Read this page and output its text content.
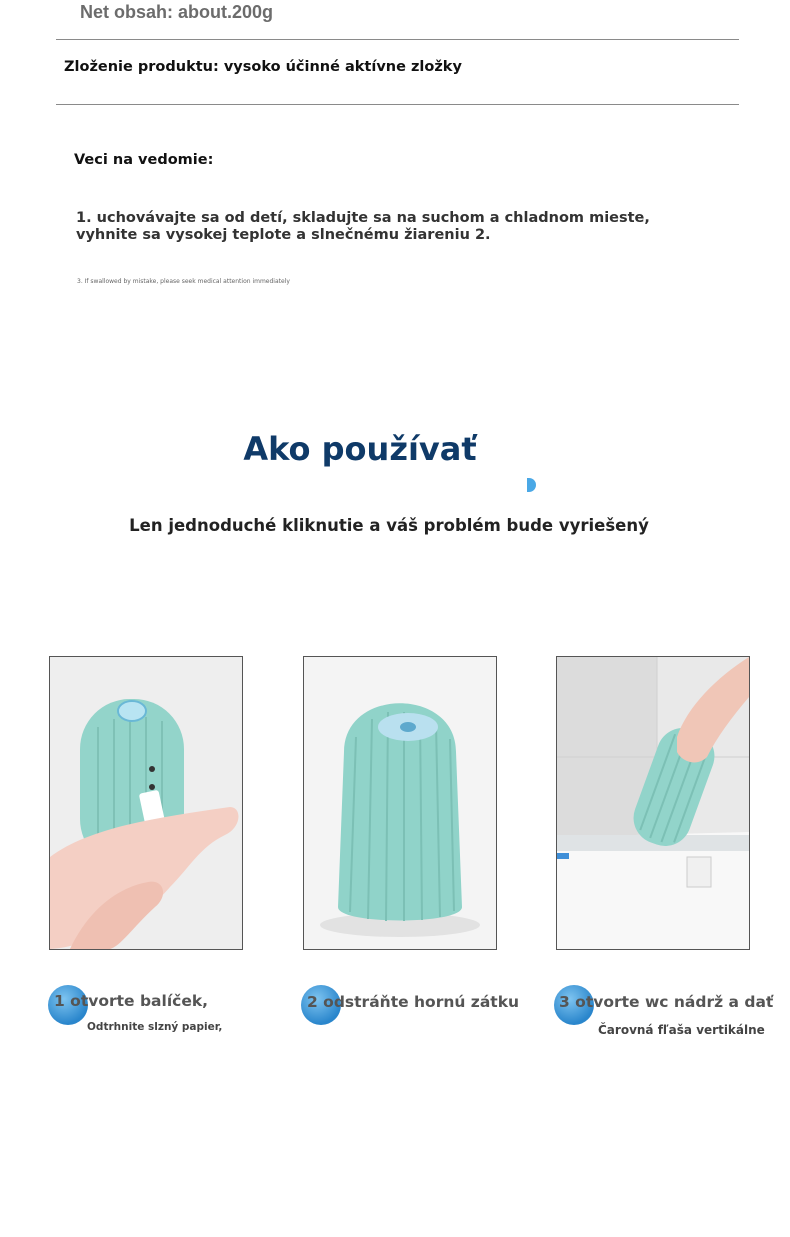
Net obsah: about.200g
Zloženie produktu: vysoko účinné aktívne zložky
Veci na vedomie:
1. uchovávajte sa od detí, skladujte sa na suchom a chladnom mieste, vyhnite sa vysokej teplote a slnečnému žiareniu 2.
3. If swallowed by mistake, please seek medical attention immediately
Ako používať
Len jednoduché kliknutie a váš problém bude vyriešený
1 otvorte balíček,
Odtrhnite slzný papier,
2 odstráňte hornú zátku	3 otvorte wc nádrž a dať
Čarovná fľaša vertikálne
